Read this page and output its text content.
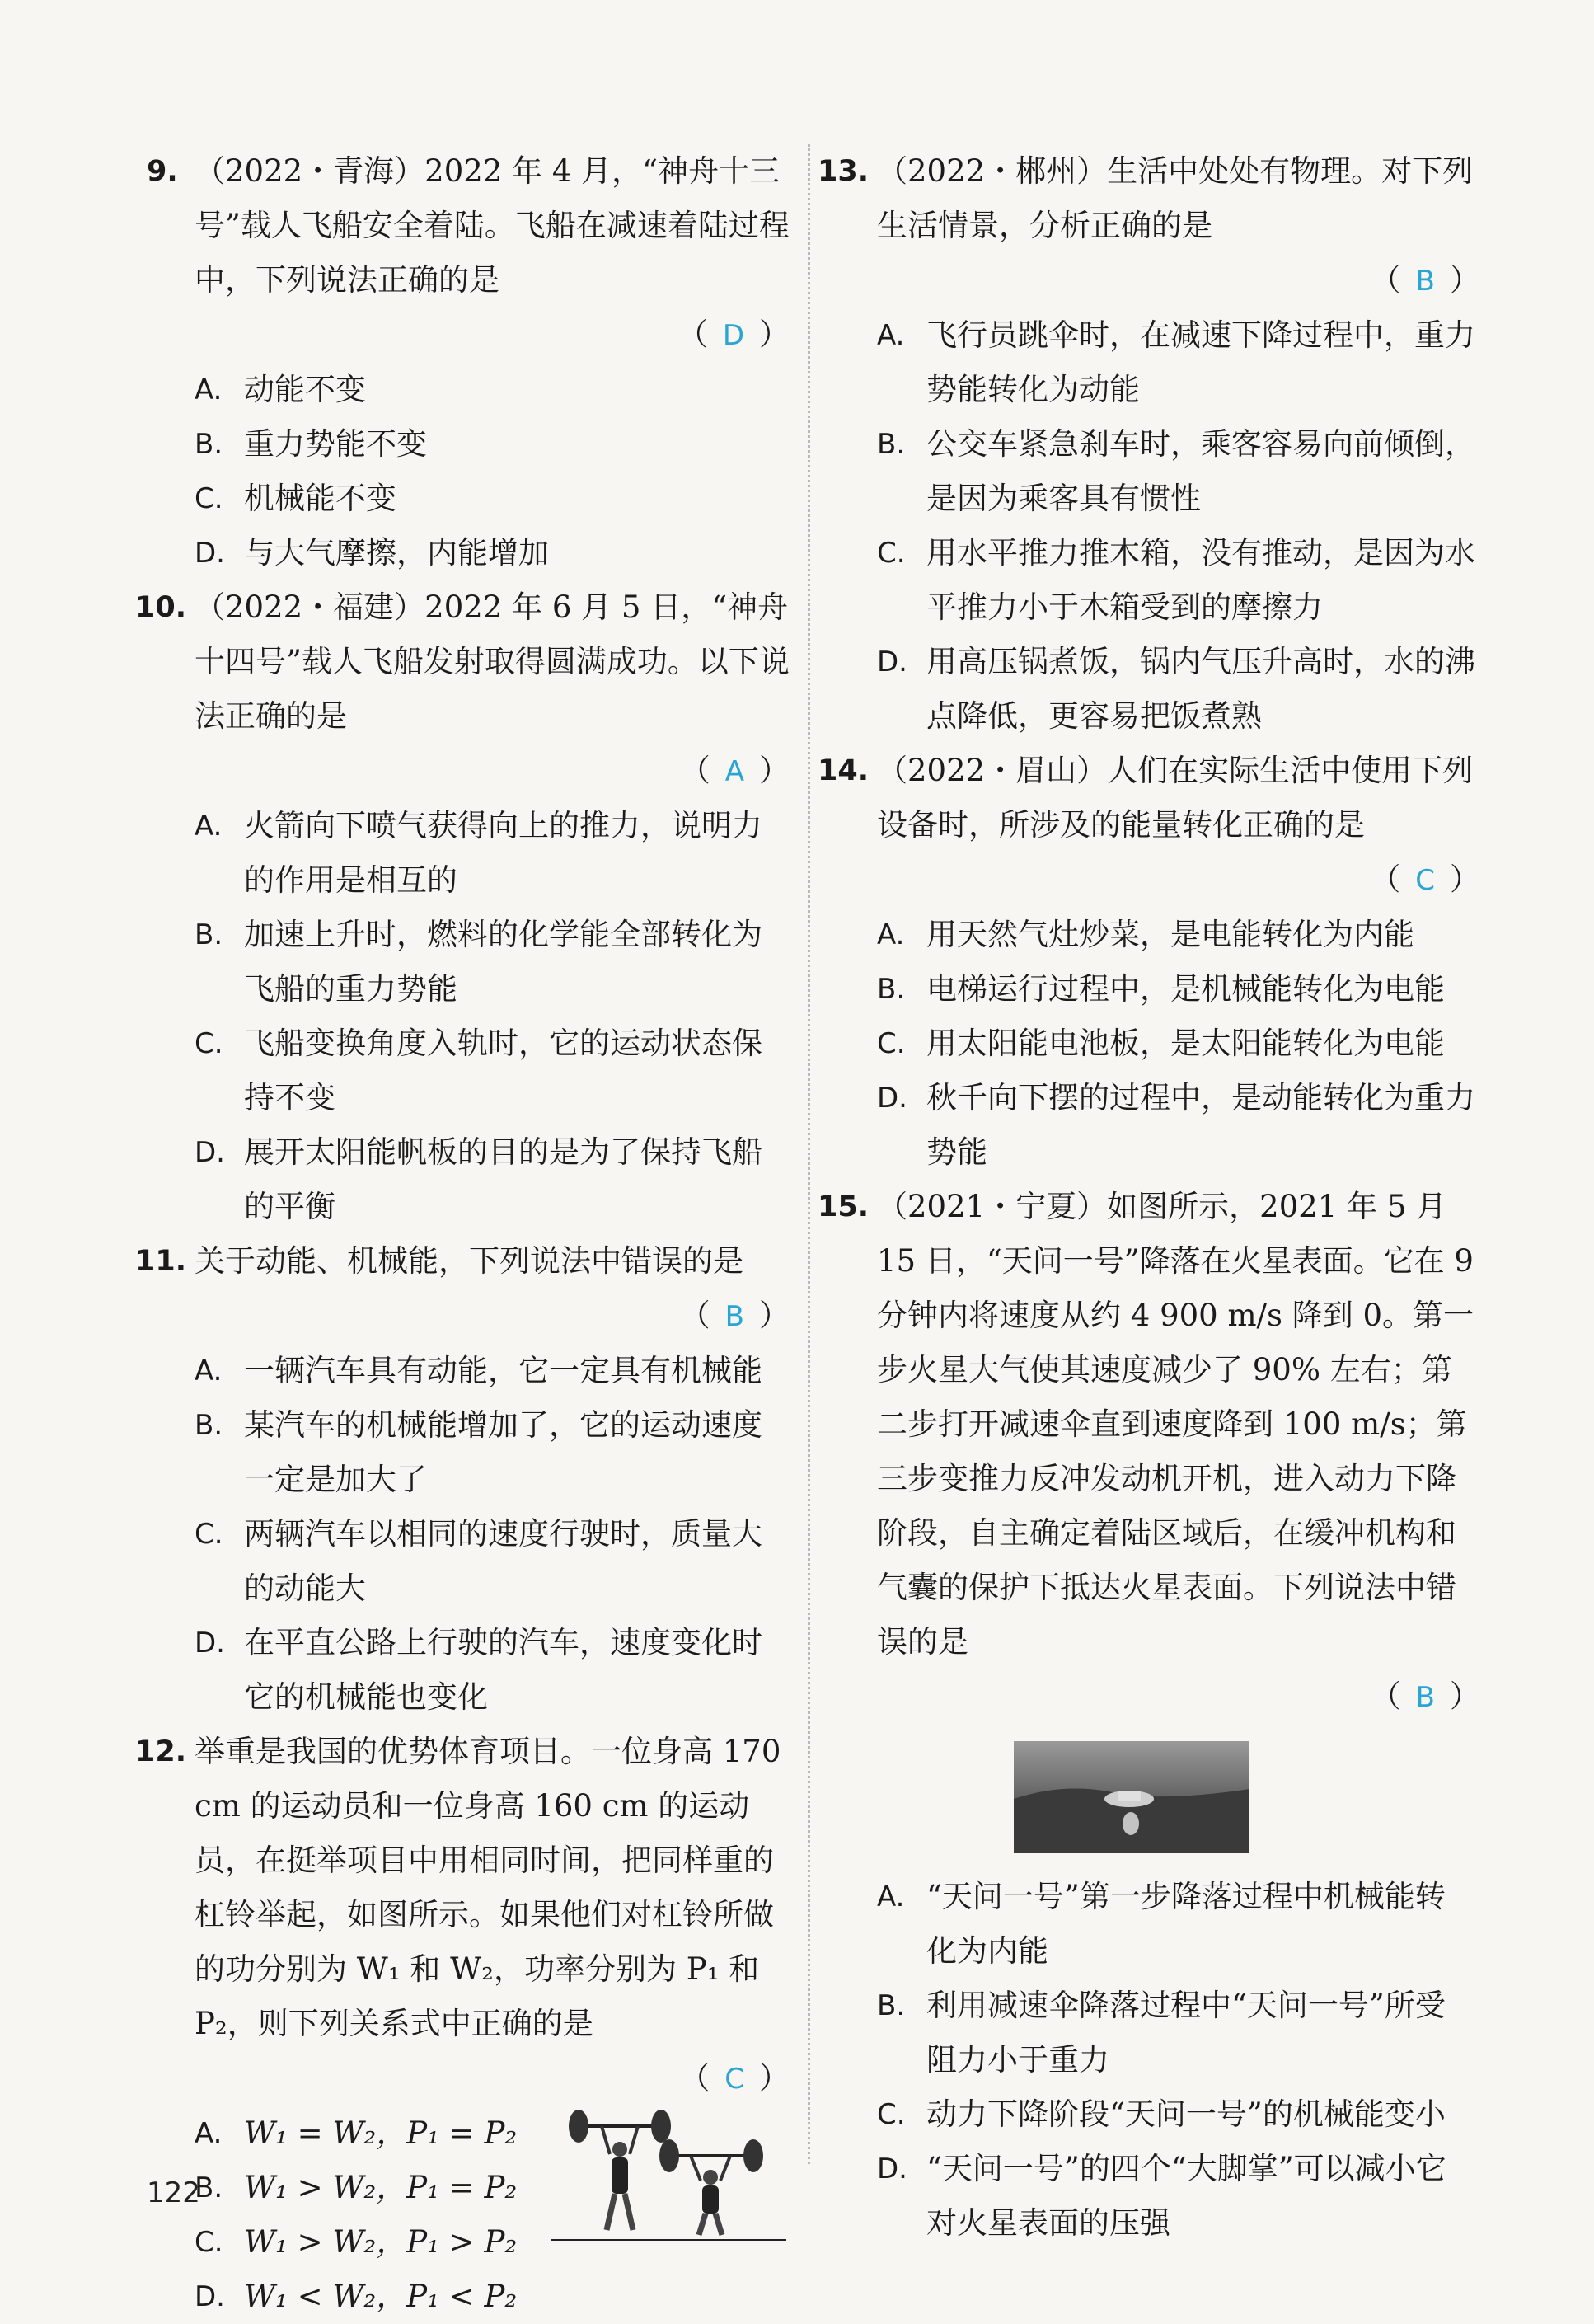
9. （2022・青海）2022 年 4 月，“神舟十三号”载人飞船安全着陆。飞船在减速着陆过程中，下列说法正确的是
（ D ）
A. 动能不变
B. 重力势能不变
C. 机械能不变
D. 与大气摩擦，内能增加
10. （2022・福建）2022 年 6 月 5 日，“神舟十四号”载人飞船发射取得圆满成功。以下说法正确的是
（ A ）
A. 火箭向下喷气获得向上的推力，说明力的作用是相互的
B. 加速上升时，燃料的化学能全部转化为飞船的重力势能
C. 飞船变换角度入轨时，它的运动状态保持不变
D. 展开太阳能帆板的目的是为了保持飞船的平衡
11. 关于动能、机械能，下列说法中错误的是
（ B ）
A. 一辆汽车具有动能，它一定具有机械能
B. 某汽车的机械能增加了，它的运动速度一定是加大了
C. 两辆汽车以相同的速度行驶时，质量大的动能大
D. 在平直公路上行驶的汽车，速度变化时它的机械能也变化
12. 举重是我国的优势体育项目。一位身高 170 cm 的运动员和一位身高 160 cm 的运动员，在挺举项目中用相同时间，把同样重的杠铃举起，如图所示。如果他们对杠铃所做的功分别为 W₁ 和 W₂，功率分别为 P₁ 和 P₂，则下列关系式中正确的是
（ C ）
A. W₁ = W₂，P₁ = P₂
B. W₁ > W₂，P₁ = P₂
C. W₁ > W₂，P₁ > P₂
D. W₁ < W₂，P₁ < P₂
13. （2022・郴州）生活中处处有物理。对下列生活情景，分析正确的是
（ B ）
A. 飞行员跳伞时，在减速下降过程中，重力势能转化为动能
B. 公交车紧急刹车时，乘客容易向前倾倒，是因为乘客具有惯性
C. 用水平推力推木箱，没有推动，是因为水平推力小于木箱受到的摩擦力
D. 用高压锅煮饭，锅内气压升高时，水的沸点降低，更容易把饭煮熟
14. （2022・眉山）人们在实际生活中使用下列设备时，所涉及的能量转化正确的是
（ C ）
A. 用天然气灶炒菜，是电能转化为内能
B. 电梯运行过程中，是机械能转化为电能
C. 用太阳能电池板，是太阳能转化为电能
D. 秋千向下摆的过程中，是动能转化为重力势能
15. （2021・宁夏）如图所示，2021 年 5 月 15 日，“天问一号”降落在火星表面。它在 9 分钟内将速度从约 4 900 m/s 降到 0。第一步火星大气使其速度减少了 90% 左右；第二步打开减速伞直到速度降到 100 m/s；第三步变推力反冲发动机开机，进入动力下降阶段，自主确定着陆区域后，在缓冲机构和气囊的保护下抵达火星表面。下列说法中错误的是
（ B ）
A. “天问一号”第一步降落过程中机械能转化为内能
B. 利用减速伞降落过程中“天问一号”所受阻力小于重力
C. 动力下降阶段“天问一号”的机械能变小
D. “天问一号”的四个“大脚掌”可以减小它对火星表面的压强
122
